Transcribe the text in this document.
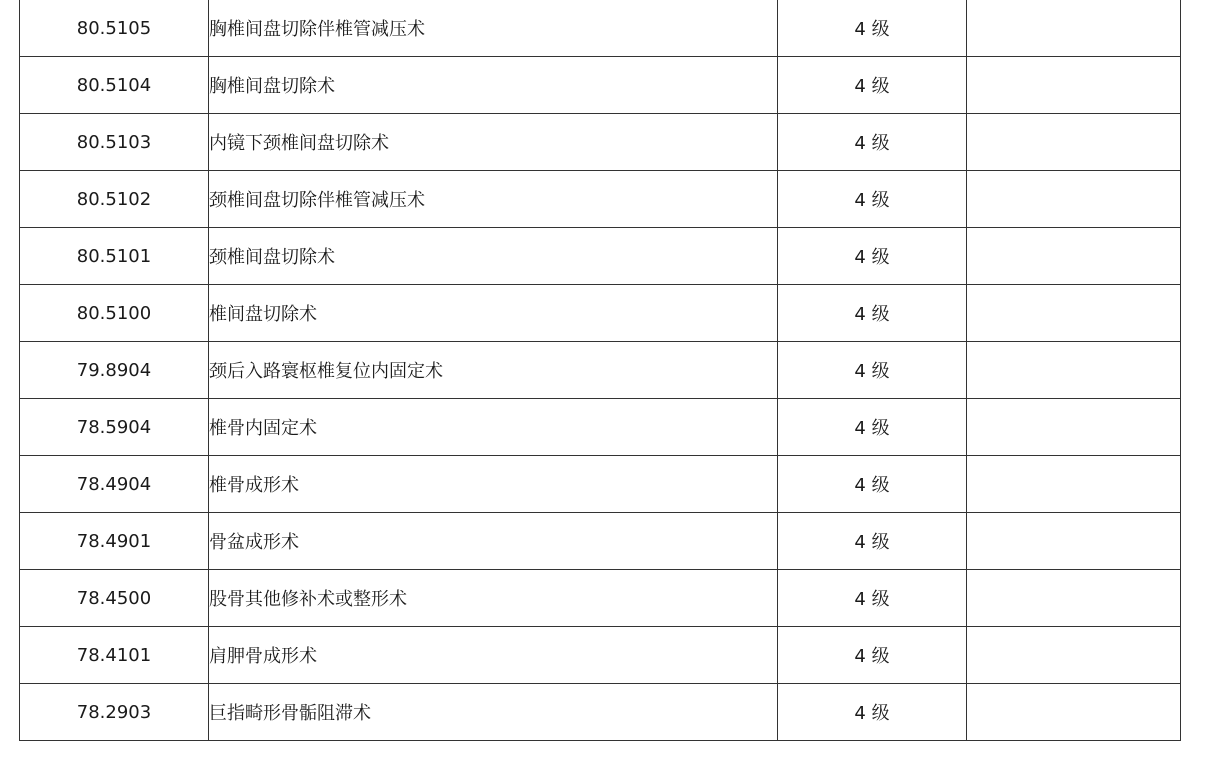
80.5105	胸椎间盘切除伴椎管减压术	4 级	
80.5104	胸椎间盘切除术	4 级	
80.5103	内镜下颈椎间盘切除术	4 级	
80.5102	颈椎间盘切除伴椎管减压术	4 级	
80.5101	颈椎间盘切除术	4 级	
80.5100	椎间盘切除术	4 级	
79.8904	颈后入路寰枢椎复位内固定术	4 级	
78.5904	椎骨内固定术	4 级	
78.4904	椎骨成形术	4 级	
78.4901	骨盆成形术	4 级	
78.4500	股骨其他修补术或整形术	4 级	
78.4101	肩胛骨成形术	4 级	
78.2903	巨指畸形骨骺阻滞术	4 级	
